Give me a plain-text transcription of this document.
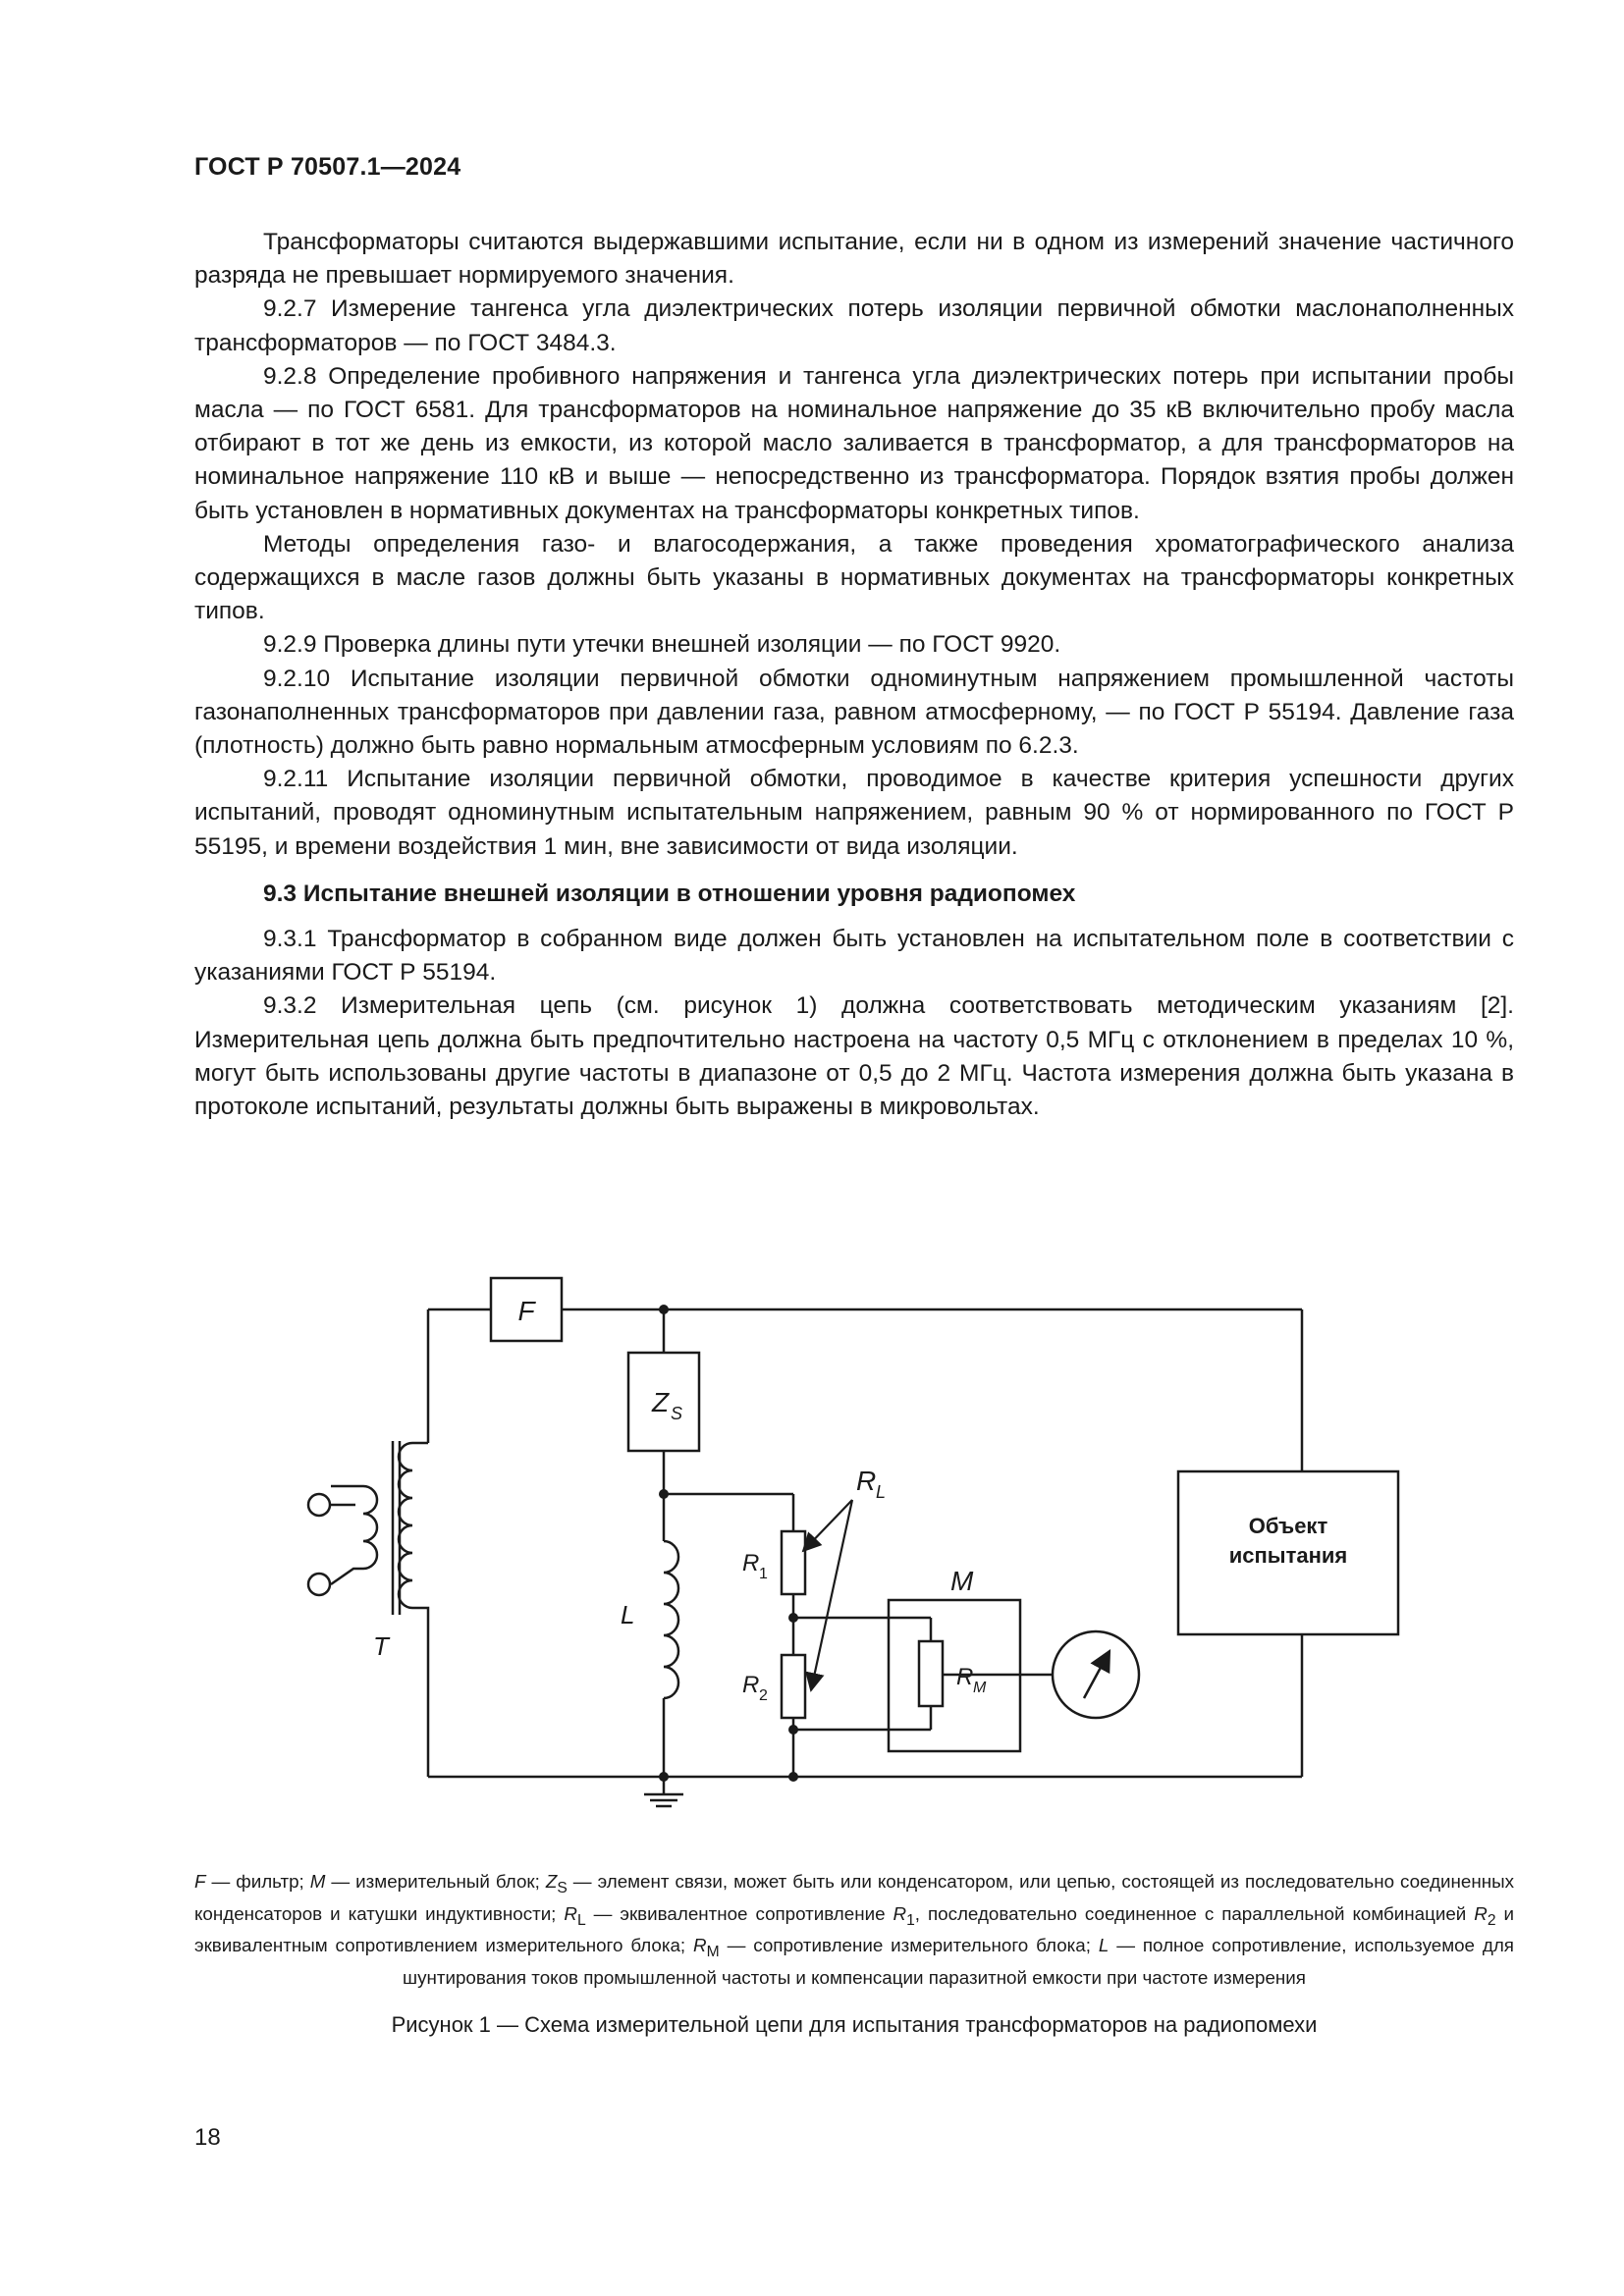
ГОСТ Р 70507.1—2024

Трансформаторы считаются выдержавшими испытание, если ни в одном из измерений значение частичного разряда не превышает нормируемого значения.

9.2.7 Измерение тангенса угла диэлектрических потерь изоляции первичной обмотки маслонаполненных трансформаторов — по ГОСТ 3484.3.

9.2.8 Определение пробивного напряжения и тангенса угла диэлектрических потерь при испытании пробы масла — по ГОСТ 6581. Для трансформаторов на номинальное напряжение до 35 кВ включительно пробу масла отбирают в тот же день из емкости, из которой масло заливается в трансформатор, а для трансформаторов на номинальное напряжение 110 кВ и выше — непосредственно из трансформатора. Порядок взятия пробы должен быть установлен в нормативных документах на трансформаторы конкретных типов.

Методы определения газо- и влагосодержания, а также проведения хроматографического анализа содержащихся в масле газов должны быть указаны в нормативных документах на трансформаторы конкретных типов.

9.2.9 Проверка длины пути утечки внешней изоляции — по ГОСТ 9920.

9.2.10 Испытание изоляции первичной обмотки одноминутным напряжением промышленной частоты газонаполненных трансформаторов при давлении газа, равном атмосферному, — по ГОСТ Р 55194. Давление газа (плотность) должно быть равно нормальным атмосферным условиям по 6.2.3.

9.2.11 Испытание изоляции первичной обмотки, проводимое в качестве критерия успешности других испытаний, проводят одноминутным испытательным напряжением, равным 90 % от нормированного по ГОСТ Р 55195, и времени воздействия 1 мин, вне зависимости от вида изоляции.

9.3 Испытание внешней изоляции в отношении уровня радиопомех

9.3.1 Трансформатор в собранном виде должен быть установлен на испытательном поле в соответствии с указаниями ГОСТ Р 55194.

9.3.2 Измерительная цепь (см. рисунок 1) должна соответствовать методическим указаниям [2]. Измерительная цепь должна быть предпочтительно настроена на частоту 0,5 МГц с отклонением в пределах 10 %, могут быть использованы другие частоты в диапазоне от 0,5 до 2 МГц. Частота измерения должна быть указана в протоколе испытаний, результаты должны быть выражены в микровольтах.

F
Z S
R 1
R 2
R L
M
R M
Объект
испытания
L
T
F — фильтр; M — измерительный блок; $Z_S$ — элемент связи, может быть или конденсатором, или цепью, состоящей из последовательно соединенных конденсаторов и катушки индуктивности; $R_L$ — эквивалентное сопротивление $R_1$, последовательно соединенное с параллельной комбинацией $R_2$ и эквивалентным сопротивлением измерительного блока; $R_M$ — сопротивление измерительного блока; L — полное сопротивление, используемое для шунтирования токов промышленной частоты и компенсации паразитной емкости при частоте измерения
Рисунок 1 — Схема измерительной цепи для испытания трансформаторов на радиопомехи
18
